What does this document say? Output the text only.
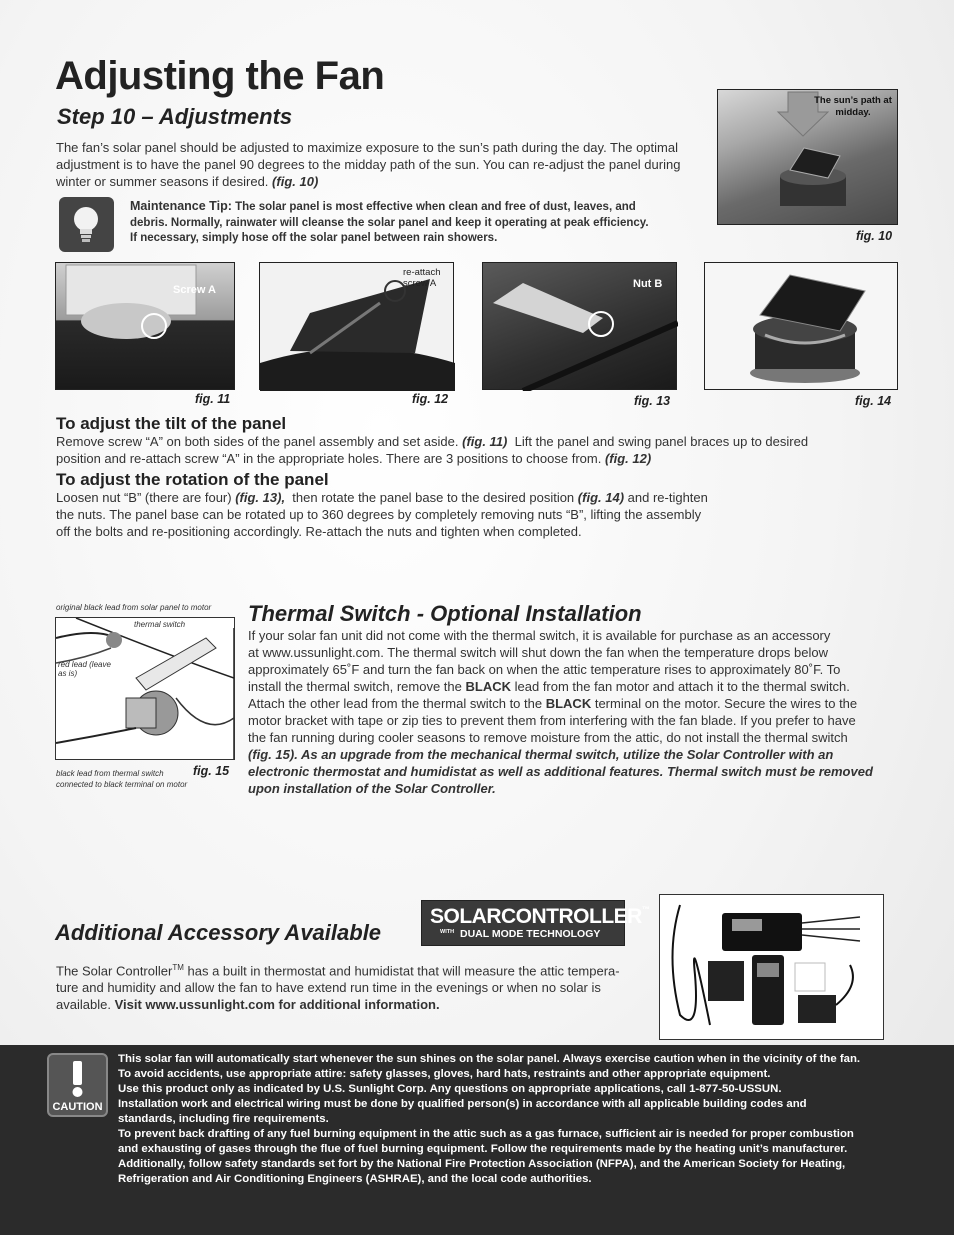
Adjusting the Fan
Step 10 – Adjustments
The fan’s solar panel should be adjusted to maximize exposure to the sun’s path during the day. The optimal adjustment is to have the panel 90 degrees to the midday path of the sun. You can re-adjust the panel during winter or summer seasons if desired. (fig. 10)
Maintenance Tip: The solar panel is most effective when clean and free of dust, leaves, and
debris. Normally, rainwater will cleanse the solar panel and keep it operating at peak efficiency.
If necessary, simply hose off the solar panel between rain showers.
The sun’s path at midday.
fig. 10
Screw A
fig. 11
re-attach screw A
fig. 12
Nut B
fig. 13	fig. 14
To adjust the tilt of the panel
Remove screw “A” on both sides of the panel assembly and set aside. (fig. 11) Lift the panel and swing panel braces up to desired
position and re-attach screw “A” in the appropriate holes. There are 3 positions to choose from. (fig. 12)
To adjust the rotation of the panel
Loosen nut “B” (there are four) (fig. 13), then rotate the panel base to the desired position (fig. 14) and re-tighten
the nuts. The panel base can be rotated up to 360 degrees by completely removing nuts “B”, lifting the assembly
off the bolts and re-positioning accordingly. Re-attach the nuts and tighten when completed.
original black lead from solar panel to motor
thermal switch
red lead (leave as is)
fig. 15
black lead from thermal switch
connected to black terminal on motor
Thermal Switch - Optional Installation
If your solar fan unit did not come with the thermal switch, it is available for purchase as an accessory
at www.ussunlight.com. The thermal switch will shut down the fan when the temperature drops below
approximately 65˚F and turn the fan back on when the attic temperature rises to approximately 80˚F. To
install the thermal switch, remove the BLACK lead from the fan motor and attach it to the thermal switch.
Attach the other lead from the thermal switch to the BLACK terminal on the motor. Secure the wires to the
motor bracket with tape or zip ties to prevent them from interfering with the fan blade. If you prefer to have
the fan running during cooler seasons to remove moisture from the attic, do not install the thermal switch
(fig. 15). As an upgrade from the mechanical thermal switch, utilize the Solar Controller with an
electronic thermostat and humidistat as well as additional features. Thermal switch must be removed
upon installation of the Solar Controller.
Additional Accessory Available
SOLARCONTROLLER™
WITH DUAL MODE TECHNOLOGY
The Solar Controller™ has a built in thermostat and humidistat that will measure the attic tempera-
ture and humidity and allow the fan to have extend run time in the evenings or when no solar is
available. Visit www.ussunlight.com for additional information.
CAUTION
This solar fan will automatically start whenever the sun shines on the solar panel. Always exercise caution when in the vicinity of the fan.
To avoid accidents, use appropriate attire: safety glasses, gloves, hard hats, restraints and other appropriate equipment.
Use this product only as indicated by U.S. Sunlight Corp. Any questions on appropriate applications, call 1-877-50-USSUN.
Installation work and electrical wiring must be done by qualified person(s) in accordance with all applicable building codes and
standards, including fire requirements.
To prevent back drafting of any fuel burning equipment in the attic such as a gas furnace, sufficient air is needed for proper combustion
and exhausting of gases through the flue of fuel burning equipment. Follow the requirements made by the heating unit’s manufacturer.
Additionally, follow safety standards set fort by the National Fire Protection Association (NFPA), and the American Society for Heating,
Refrigeration and Air Conditioning Engineers (ASHRAE), and the local code authorities.
